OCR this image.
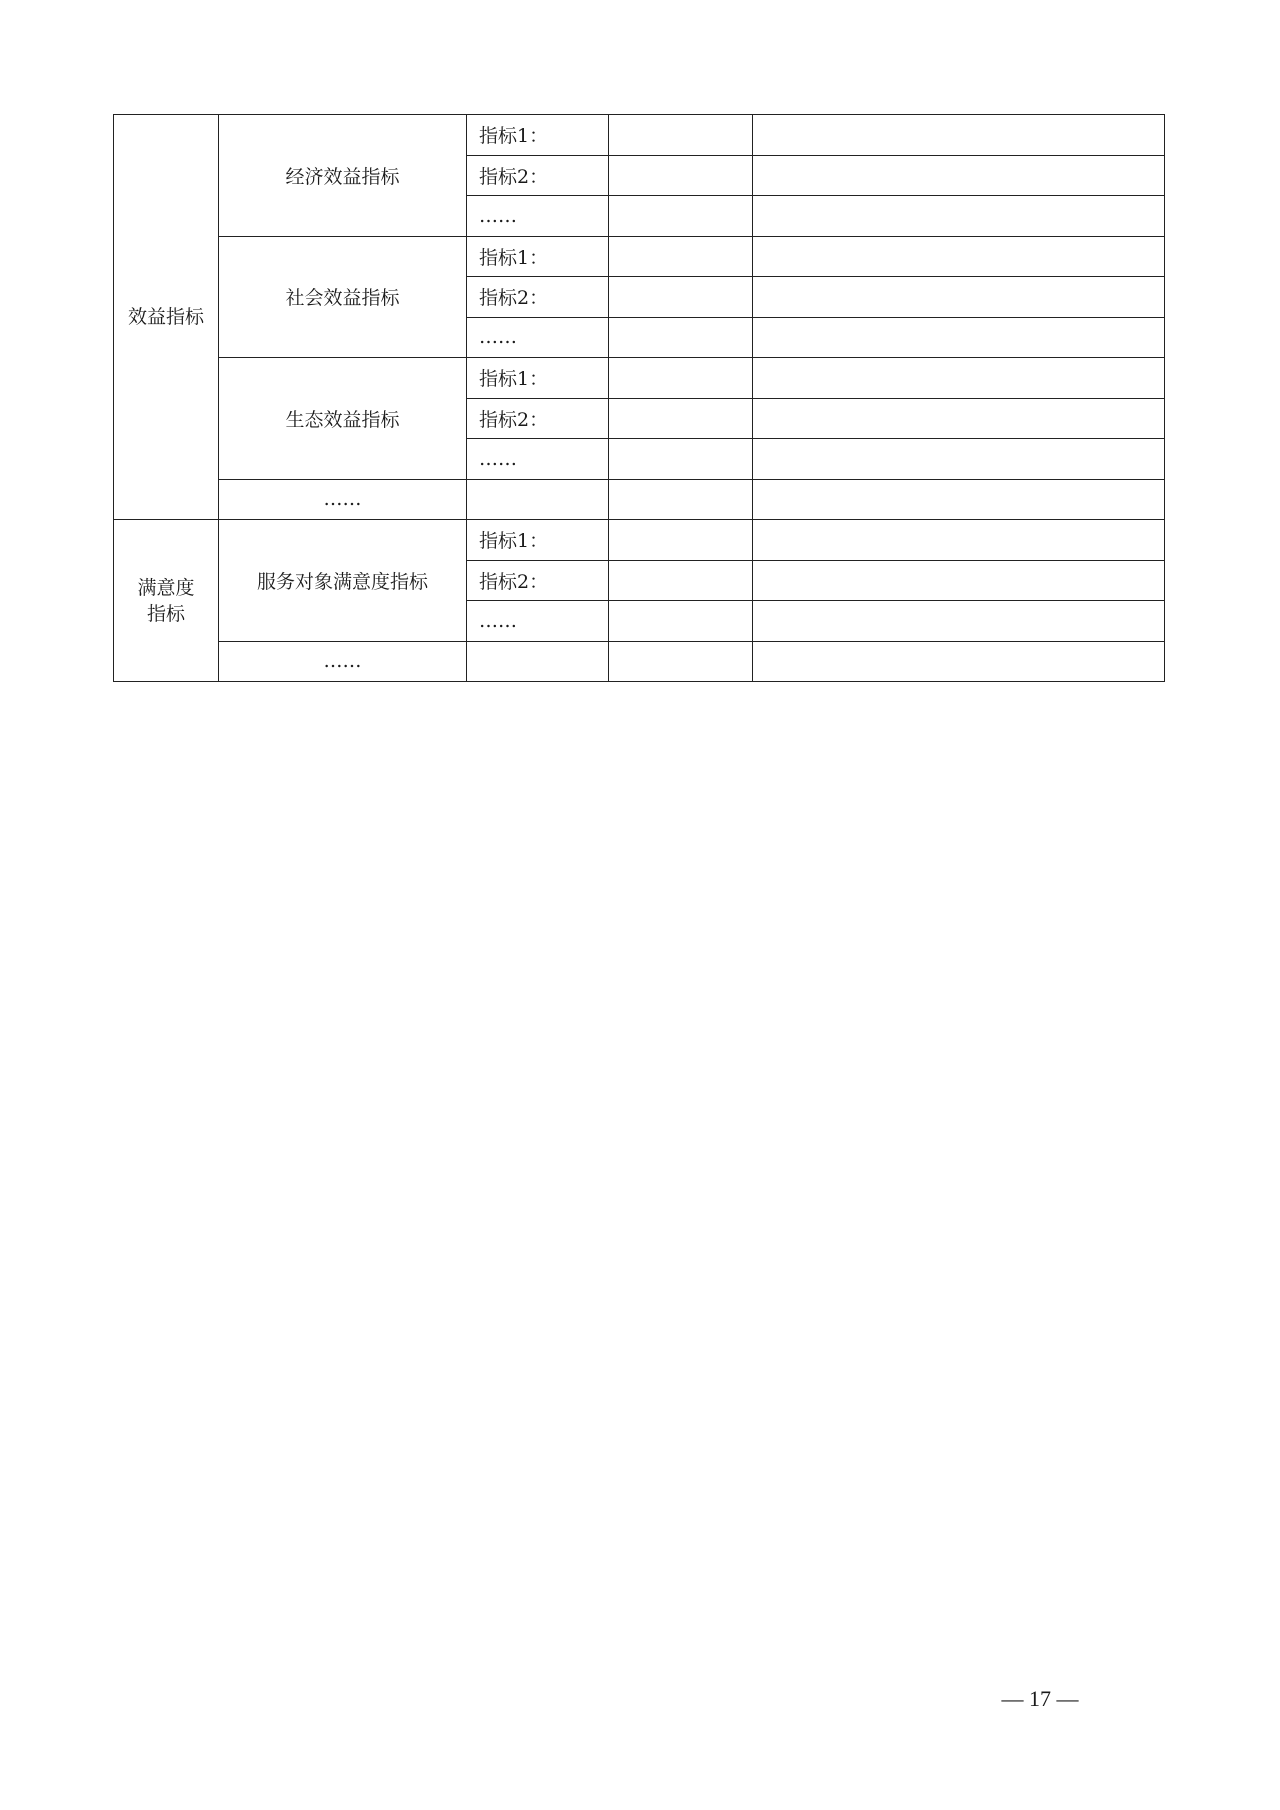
效益指标	经济效益指标	指标1：		
		指标2：		
		……		
	社会效益指标	指标1：		
		指标2：		
		……		
	生态效益指标	指标1：		
		指标2：		
		……		
	……			
满意度
指标	服务对象满意度指标	指标1：		
		指标2：		
		……		
	……			
— 17 —
